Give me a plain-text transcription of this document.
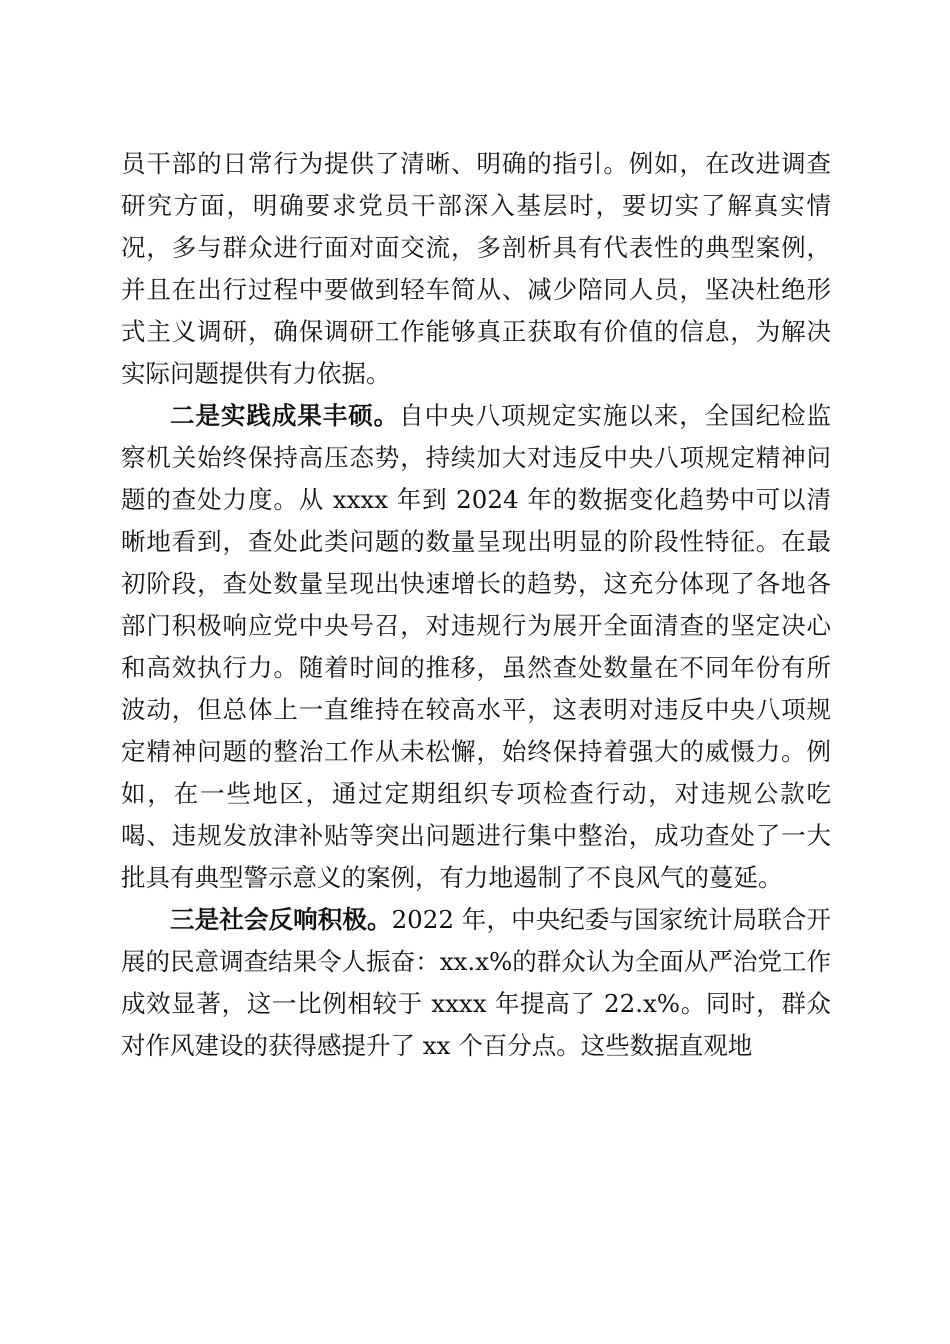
员干部的日常行为提供了清晰、明确的指引。例如，在改进调查研究方面，明确要求党员干部深入基层时，要切实了解真实情况，多与群众进行面对面交流，多剖析具有代表性的典型案例，并且在出行过程中要做到轻车简从、减少陪同人员，坚决杜绝形式主义调研，确保调研工作能够真正获取有价值的信息，为解决实际问题提供有力依据。

二是实践成果丰硕。自中央八项规定实施以来，全国纪检监察机关始终保持高压态势，持续加大对违反中央八项规定精神问题的查处力度。从 xxxx 年到 2024 年的数据变化趋势中可以清晰地看到，查处此类问题的数量呈现出明显的阶段性特征。在最初阶段，查处数量呈现出快速增长的趋势，这充分体现了各地各部门积极响应党中央号召，对违规行为展开全面清查的坚定决心和高效执行力。随着时间的推移，虽然查处数量在不同年份有所波动，但总体上一直维持在较高水平，这表明对违反中央八项规定精神问题的整治工作从未松懈，始终保持着强大的威慑力。例如，在一些地区，通过定期组织专项检查行动，对违规公款吃喝、违规发放津补贴等突出问题进行集中整治，成功查处了一大批具有典型警示意义的案例，有力地遏制了不良风气的蔓延。

三是社会反响积极。2022 年，中央纪委与国家统计局联合开展的民意调查结果令人振奋：xx.x%的群众认为全面从严治党工作成效显著，这一比例相较于 xxxx 年提高了 22.x%。同时，群众对作风建设的获得感提升了 xx 个百分点。这些数据直观地
